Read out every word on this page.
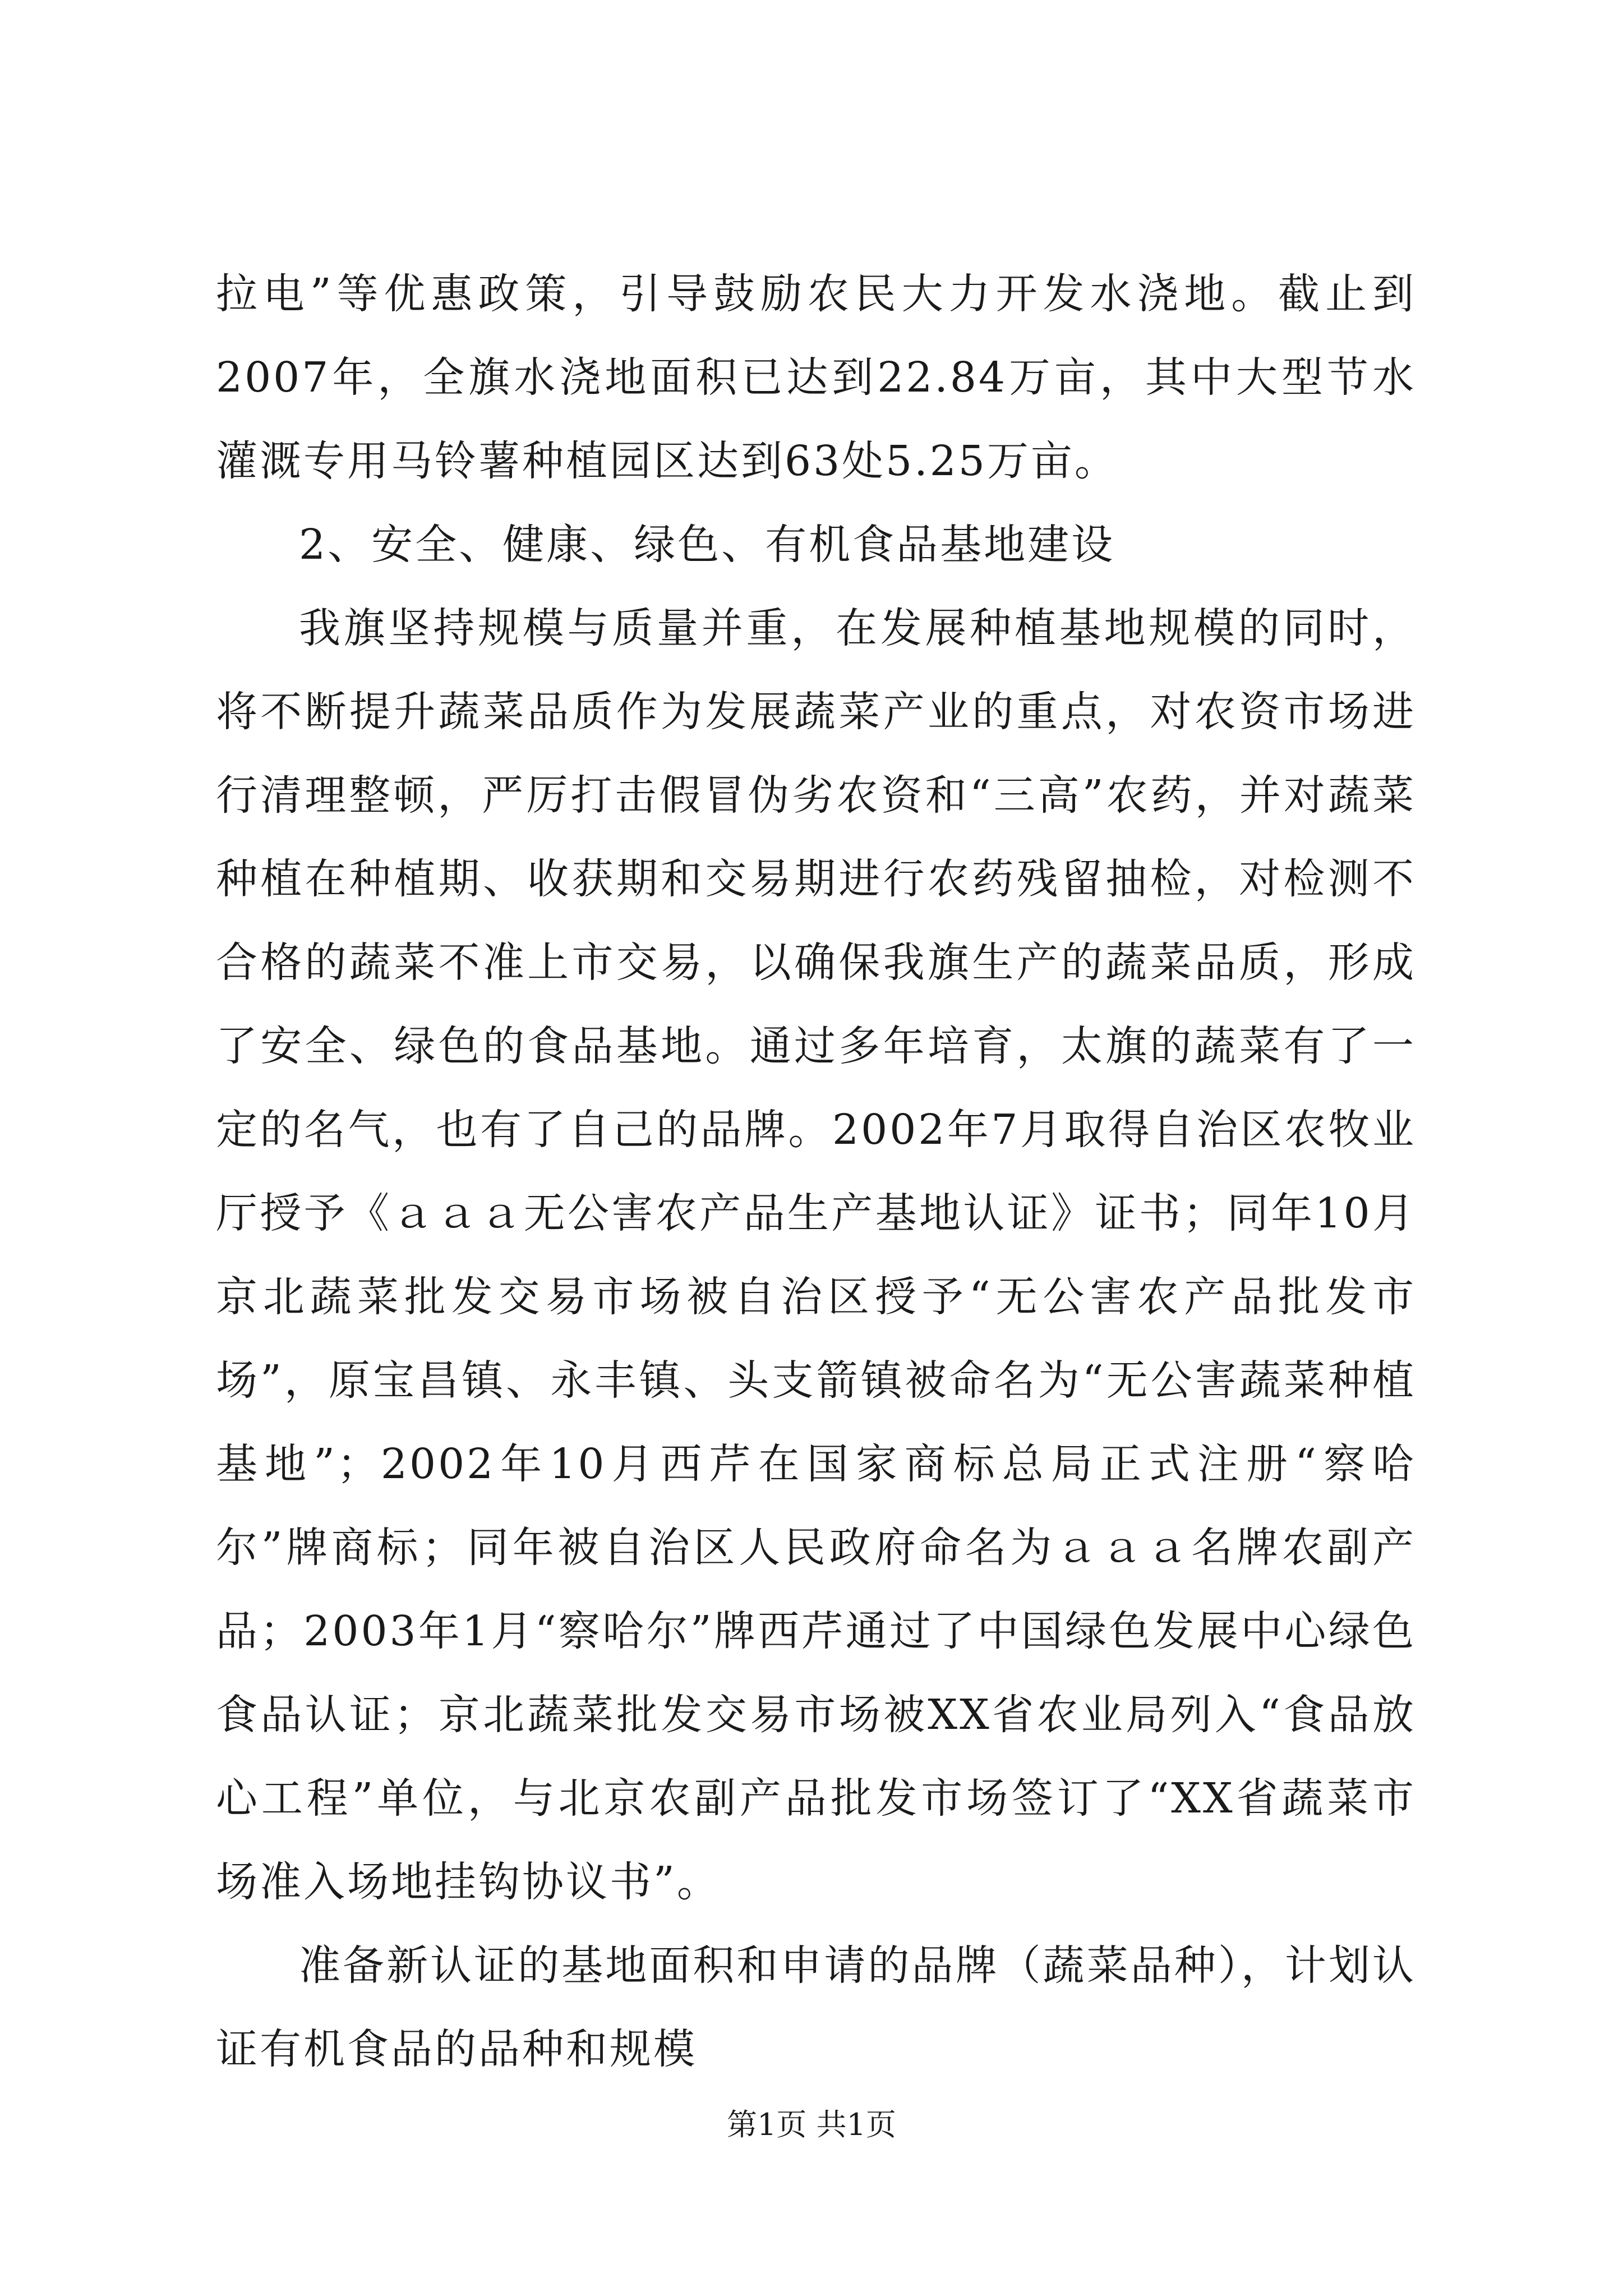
拉电”等优惠政策，引导鼓励农民大力开发水浇地。截止到2007年，全旗水浇地面积已达到22.84万亩，其中大型节水灌溉专用马铃薯种植园区达到63处5.25万亩。

2、安全、健康、绿色、有机食品基地建设

我旗坚持规模与质量并重，在发展种植基地规模的同时，将不断提升蔬菜品质作为发展蔬菜产业的重点，对农资市场进行清理整顿，严厉打击假冒伪劣农资和“三高”农药，并对蔬菜种植在种植期、收获期和交易期进行农药残留抽检，对检测不合格的蔬菜不准上市交易，以确保我旗生产的蔬菜品质，形成了安全、绿色的食品基地。通过多年培育，太旗的蔬菜有了一定的名气，也有了自己的品牌。2002年7月取得自治区农牧业厅授予《ａａａ无公害农产品生产基地认证》证书；同年10月京北蔬菜批发交易市场被自治区授予“无公害农产品批发市场”，原宝昌镇、永丰镇、头支箭镇被命名为“无公害蔬菜种植基地”；2002年10月西芹在国家商标总局正式注册“察哈尔”牌商标；同年被自治区人民政府命名为ａａａ名牌农副产品；2003年1月“察哈尔”牌西芹通过了中国绿色发展中心绿色食品认证；京北蔬菜批发交易市场被XX省农业局列入“食品放心工程”单位，与北京农副产品批发市场签订了“XX省蔬菜市场准入场地挂钩协议书”。

准备新认证的基地面积和申请的品牌（蔬菜品种），计划认证有机食品的品种和规模

第1页 共1页
